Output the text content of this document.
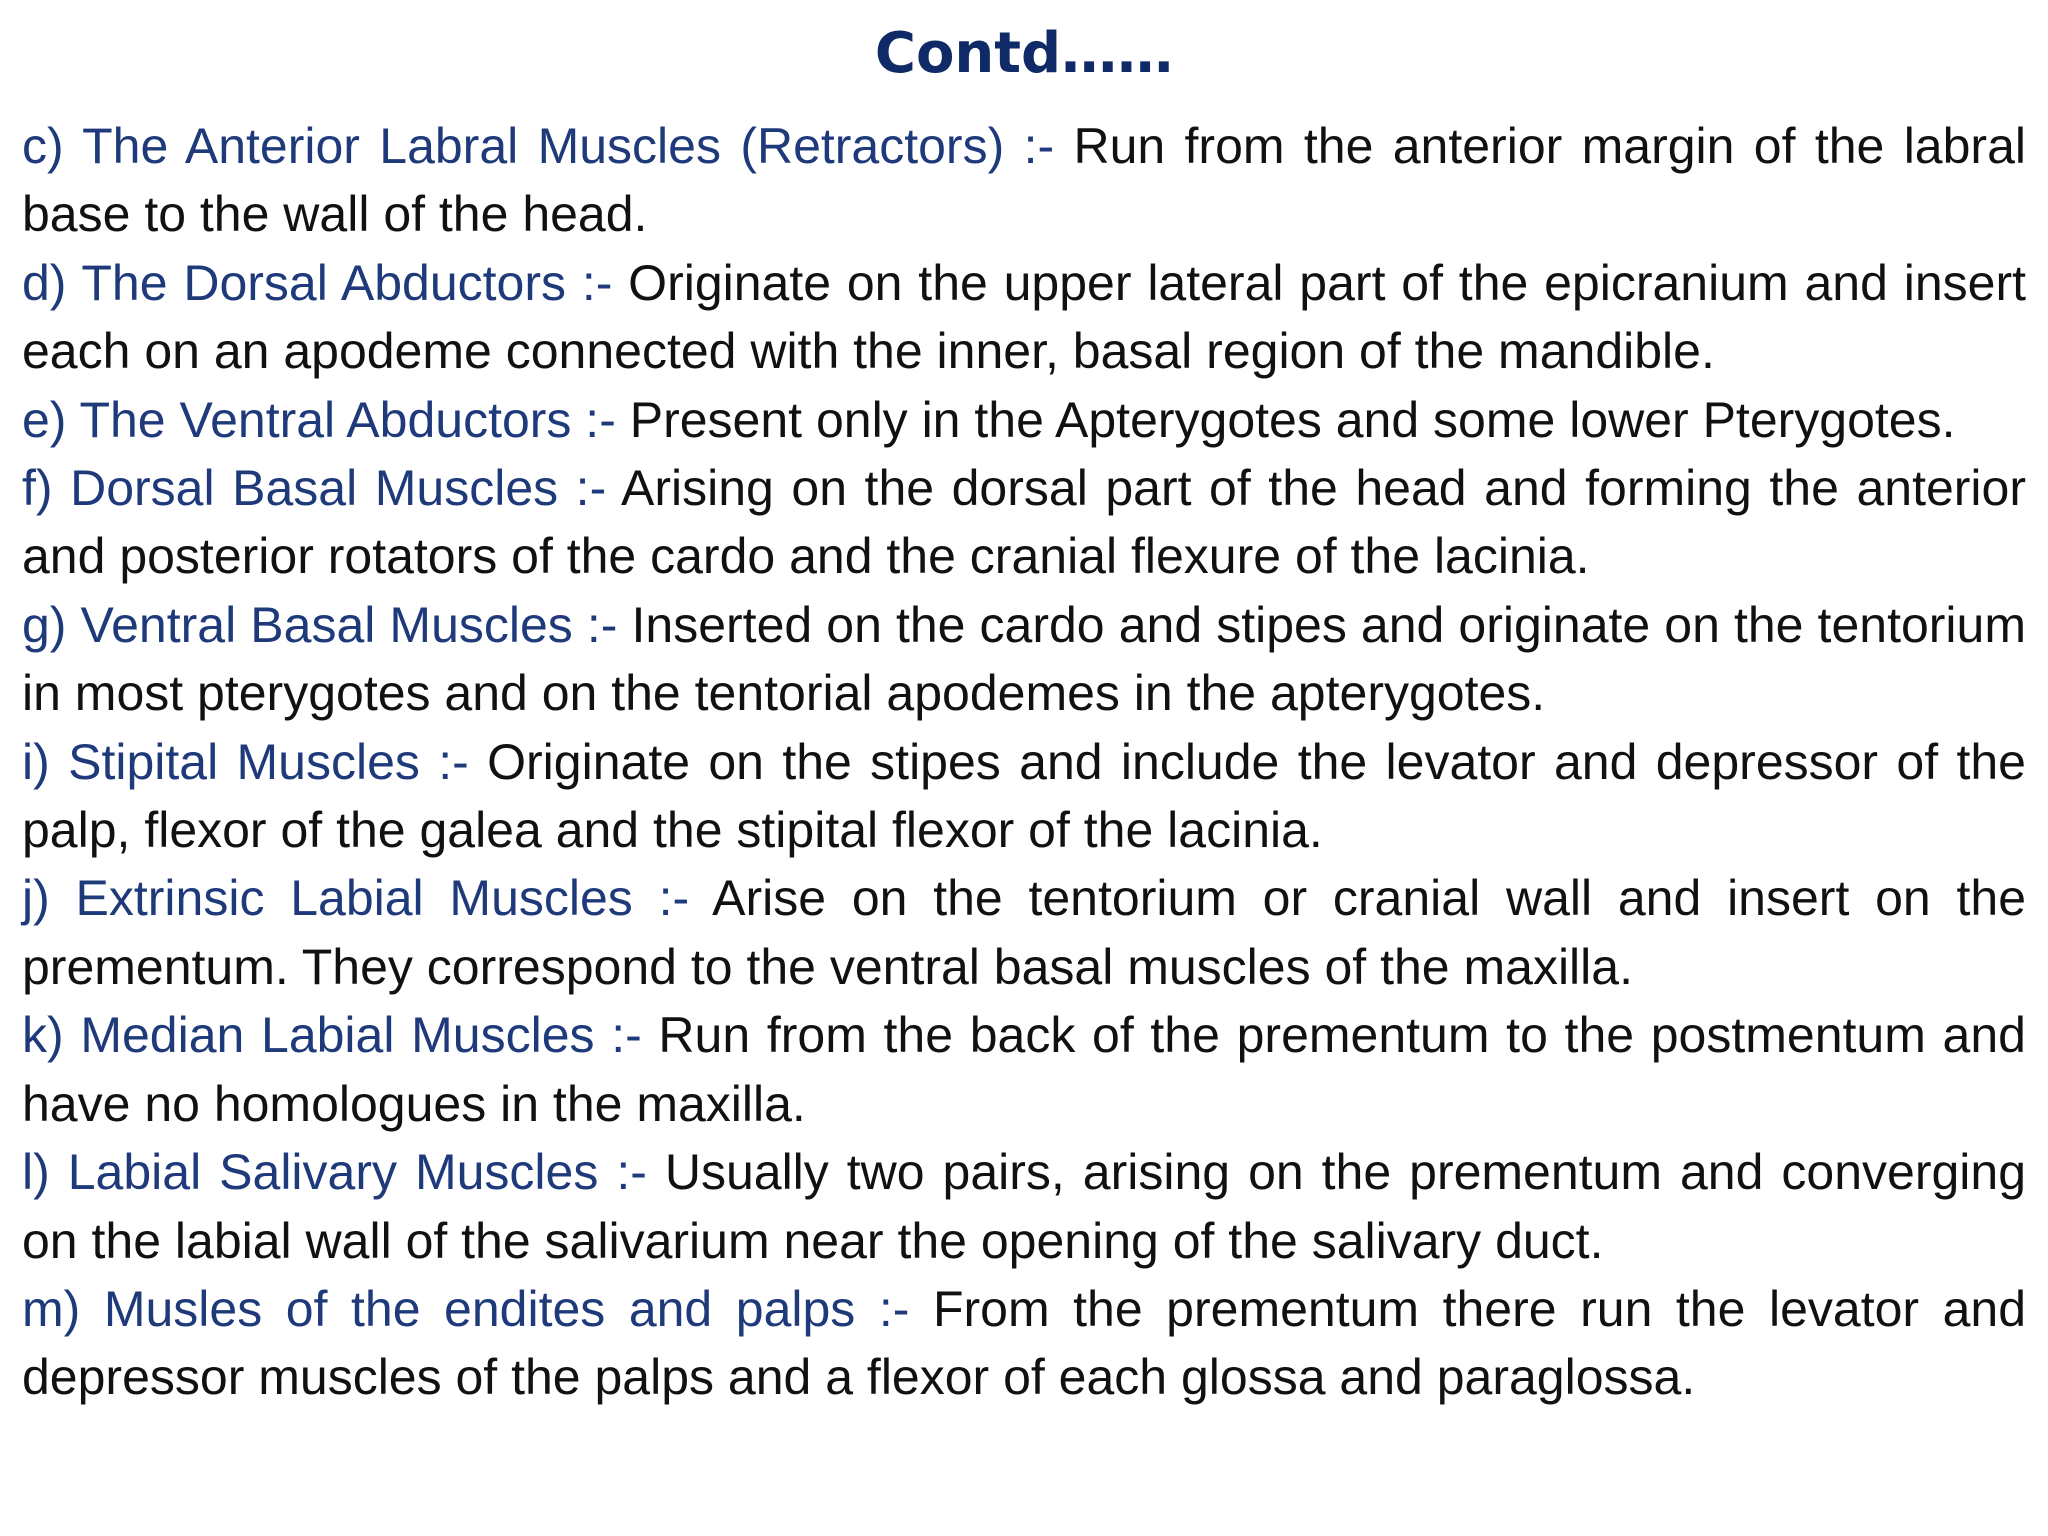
Contd……

c) The Anterior Labral Muscles (Retractors) :- Run from the anterior margin of the labral base to the wall of the head.

d) The Dorsal Abductors :- Originate on the upper lateral part of the epicranium and insert each on an apodeme connected with the inner, basal region of the mandible.

e) The Ventral Abductors :- Present only in the Apterygotes and some lower Pterygotes.

f) Dorsal Basal Muscles :- Arising on the dorsal part of the head and forming the anterior and posterior rotators of the cardo and the cranial flexure of the lacinia.

g) Ventral Basal Muscles :- Inserted on the cardo and stipes and originate on the tentorium in most pterygotes and on the tentorial apodemes in the apterygotes.

i) Stipital Muscles :- Originate on the stipes and include the levator and depressor of the palp, flexor of the galea and the stipital flexor of the lacinia.

j) Extrinsic Labial Muscles :- Arise on the tentorium or cranial wall and insert on the prementum. They correspond to the ventral basal muscles of the maxilla.

k) Median Labial Muscles :- Run from the back of the prementum to the postmentum and have no homologues in the maxilla.

l) Labial Salivary Muscles :- Usually two pairs, arising on the prementum and converging on the labial wall of the salivarium near the opening of the salivary duct.

m) Musles of the endites and palps :- From the prementum there run the levator and depressor muscles of the palps and a flexor of each glossa and paraglossa.
